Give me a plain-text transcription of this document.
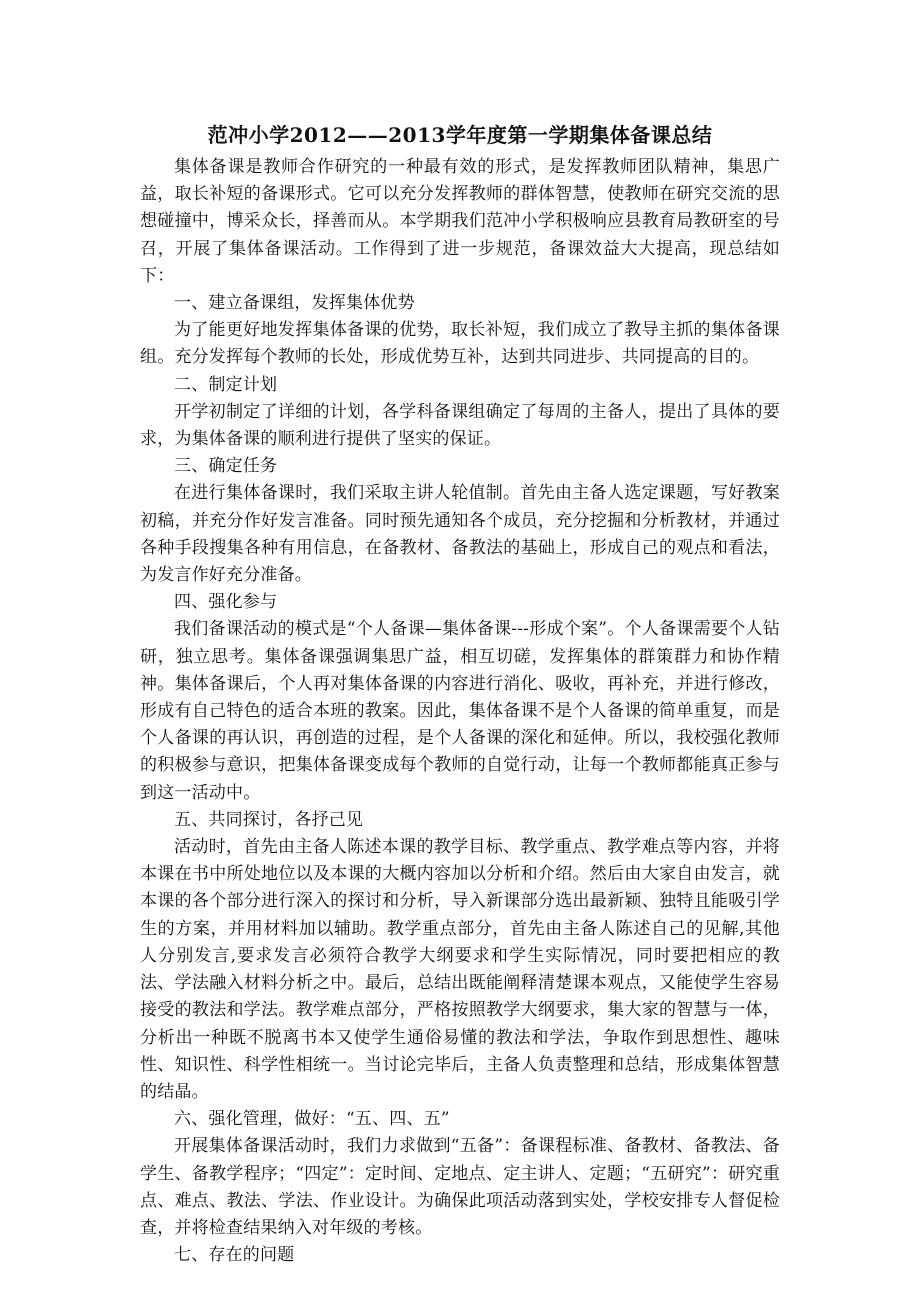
范冲小学2012——2013学年度第一学期集体备课总结

集体备课是教师合作研究的一种最有效的形式，是发挥教师团队精神，集思广益，取长补短的备课形式。它可以充分发挥教师的群体智慧，使教师在研究交流的思想碰撞中，博采众长，择善而从。本学期我们范冲小学积极响应县教育局教研室的号召，开展了集体备课活动。工作得到了进一步规范，备课效益大大提高，现总结如下：

一、建立备课组，发挥集体优势

为了能更好地发挥集体备课的优势，取长补短，我们成立了教导主抓的集体备课组。充分发挥每个教师的长处，形成优势互补，达到共同进步、共同提高的目的。

二、制定计划

开学初制定了详细的计划，各学科备课组确定了每周的主备人，提出了具体的要求，为集体备课的顺利进行提供了坚实的保证。

三、确定任务

在进行集体备课时，我们采取主讲人轮值制。首先由主备人选定课题，写好教案初稿，并充分作好发言准备。同时预先通知各个成员，充分挖掘和分析教材，并通过各种手段搜集各种有用信息，在备教材、备教法的基础上，形成自己的观点和看法，为发言作好充分准备。

四、强化参与

我们备课活动的模式是“个人备课—集体备课---形成个案”。个人备课需要个人钻研，独立思考。集体备课强调集思广益，相互切磋，发挥集体的群策群力和协作精神。集体备课后，个人再对集体备课的内容进行消化、吸收，再补充，并进行修改，形成有自己特色的适合本班的教案。因此，集体备课不是个人备课的简单重复，而是个人备课的再认识，再创造的过程，是个人备课的深化和延伸。所以，我校强化教师的积极参与意识，把集体备课变成每个教师的自觉行动，让每一个教师都能真正参与到这一活动中。

五、共同探讨，各抒己见

活动时，首先由主备人陈述本课的教学目标、教学重点、教学难点等内容，并将本课在书中所处地位以及本课的大概内容加以分析和介绍。然后由大家自由发言，就本课的各个部分进行深入的探讨和分析，导入新课部分选出最新颖、独特且能吸引学生的方案，并用材料加以辅助。教学重点部分，首先由主备人陈述自己的见解,其他人分别发言,要求发言必须符合教学大纲要求和学生实际情况，同时要把相应的教法、学法融入材料分析之中。最后，总结出既能阐释清楚课本观点，又能使学生容易接受的教法和学法。教学难点部分，严格按照教学大纲要求，集大家的智慧与一体，分析出一种既不脱离书本又使学生通俗易懂的教法和学法，争取作到思想性、趣味性、知识性、科学性相统一。当讨论完毕后，主备人负责整理和总结，形成集体智慧的结晶。

六、强化管理，做好：“五、四、五”

开展集体备课活动时，我们力求做到“五备”：备课程标准、备教材、备教法、备学生、备教学程序；“四定”：定时间、定地点、定主讲人、定题；“五研究”：研究重点、难点、教法、学法、作业设计。为确保此项活动落到实处，学校安排专人督促检查，并将检查结果纳入对年级的考核。

七、存在的问题
